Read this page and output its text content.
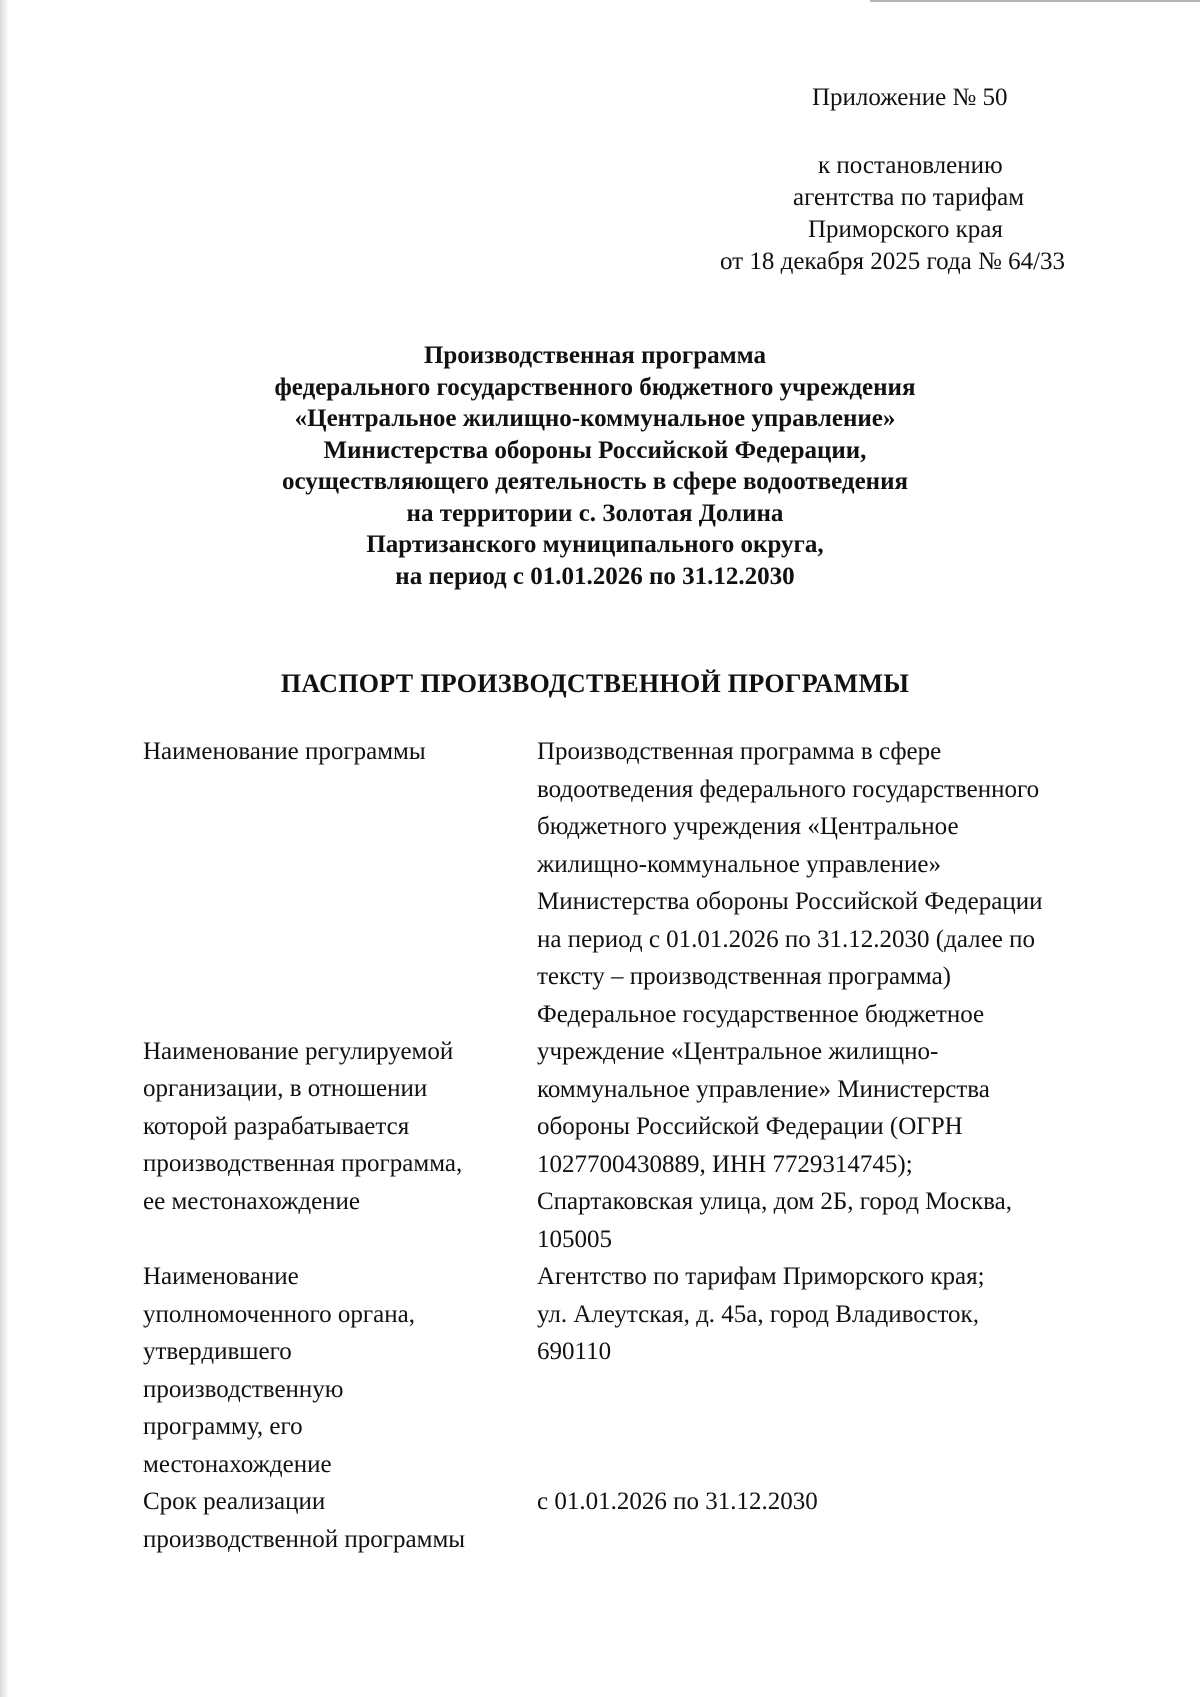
Приложение № 50
к постановлению
агентства по тарифам
Приморского края
от 18 декабря 2025 года № 64/33
Производственная программа
федерального государственного бюджетного учреждения
«Центральное жилищно-коммунальное управление»
Министерства обороны Российской Федерации,
осуществляющего деятельность в сфере водоотведения
на территории с. Золотая Долина
Партизанского муниципального округа,
на период с 01.01.2026 по 31.12.2030
ПАСПОРТ ПРОИЗВОДСТВЕННОЙ ПРОГРАММЫ
Наименование программы	Производственная программа в сфере
водоотведения федерального государственного
бюджетного учреждения «Центральное
жилищно-коммунальное управление»
Министерства обороны Российской Федерации
на период с 01.01.2026 по 31.12.2030 (далее по
тексту – производственная программа)
Наименование регулируемой
организации, в отношении
которой разрабатывается
производственная программа,
ее местонахождение
Федеральное государственное бюджетное
учреждение «Центральное жилищно-
коммунальное управление» Министерства
обороны Российской Федерации (ОГРН
1027700430889, ИНН 7729314745);
Спартаковская улица, дом 2Б, город Москва,
105005
Наименование
уполномоченного органа,
утвердившего
производственную
программу, его
местонахождение
Агентство по тарифам Приморского края;
ул. Алеутская, д. 45а, город Владивосток,
690110
Срок реализации
производственной программы
с 01.01.2026 по 31.12.2030
